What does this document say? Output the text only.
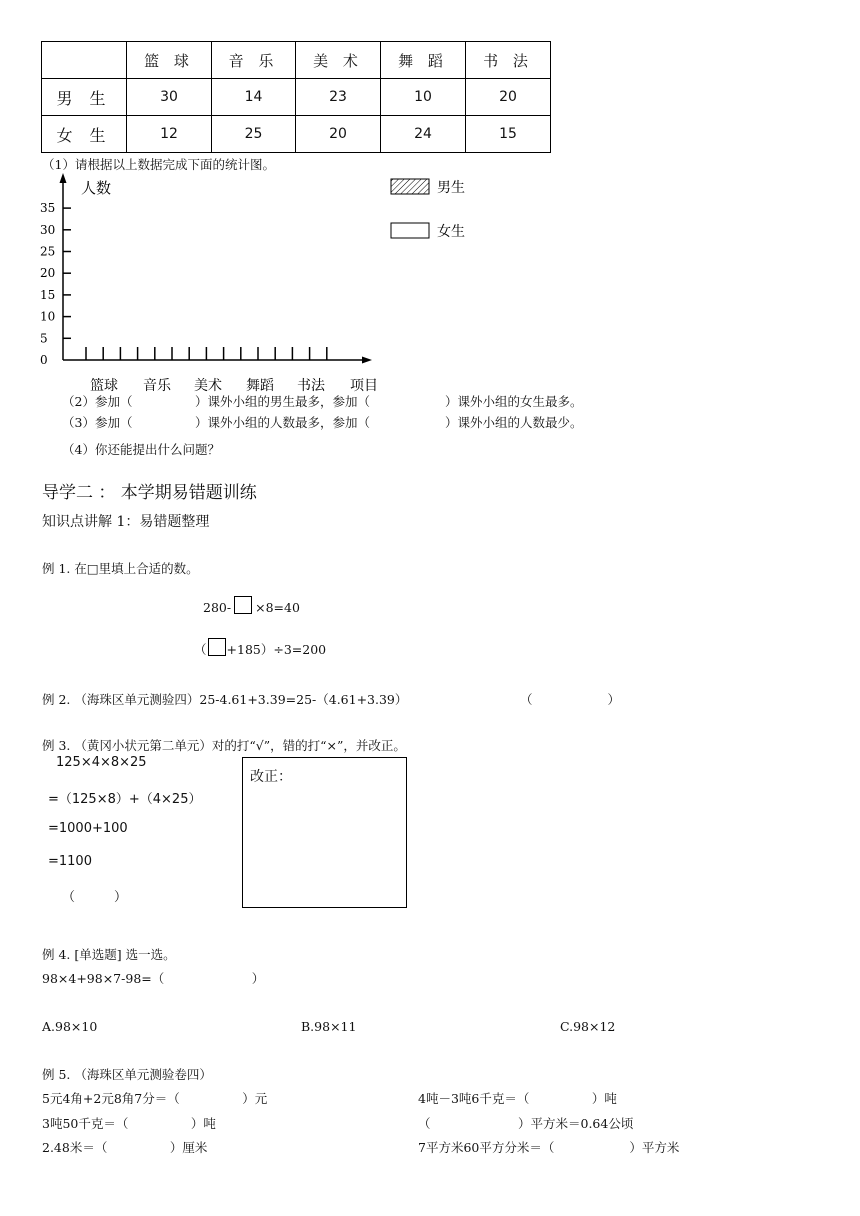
	篮 球	音 乐	美 术	舞 蹈	书 法
男 生	30	14	23	10	20
女 生	12	25	20	24	15
（1）请根据以上数据完成下面的统计图。
35
30
25
20
15
10
5
0
人数
篮球 音乐 美术 舞蹈 书法 项目
男生
女生
（2）参加（　　　　　）课外小组的男生最多，参加（　　　　　　）课外小组的女生最多。
（3）参加（　　　　　）课外小组的人数最多，参加（　　　　　　）课外小组的人数最少。
（4）你还能提出什么问题？
导学二 ： 本学期易错题训练
知识点讲解 1：易错题整理
例 1. 在□里填上合适的数。
280- ×8=40
（ +185）÷3=200
例 2. （海珠区单元测验四）25-4.61+3.39=25-（4.61+3.39）	（　　　　　　）
例 3. （黄冈小状元第二单元）对的打“√”，错的打“×”，并改正。
125×4×8×25
=（125×8）+（4×25）
=1000+100
=1100
（　　　）
改正：
例 4. [单选题] 选一选。
98×4+98×7-98=（　　　　　　　）
A.98×10	B.98×11	C.98×12
例 5. （海珠区单元测验卷四）
5元4角+2元8角7分＝（　　　　　）元	4吨－3吨6千克＝（　　　　　）吨
3吨50千克＝（　　　　　）吨	（　　　　　　　）平方米＝0.64公顷
2.48米＝（　　　　　）厘米	7平方米60平方分米＝（　　　　　　）平方米
